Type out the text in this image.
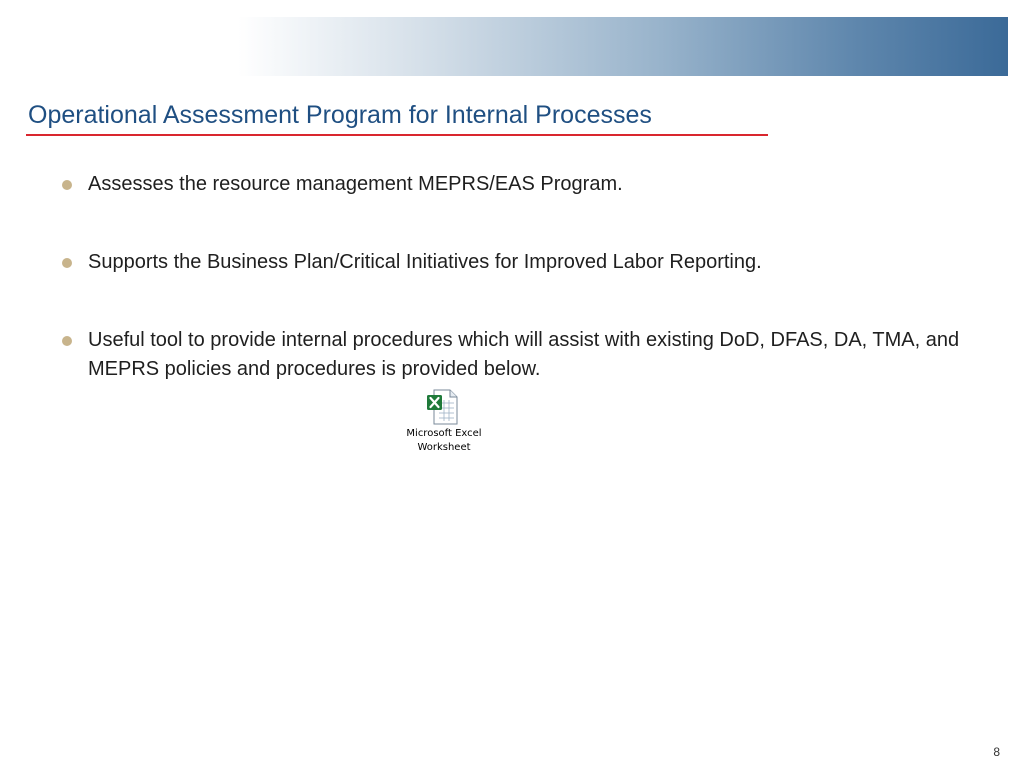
Operational Assessment Program for Internal Processes
Assesses the resource management MEPRS/EAS Program.
Supports the Business Plan/Critical Initiatives for Improved Labor Reporting.
Useful tool to provide internal procedures which will assist with existing DoD, DFAS, DA, TMA, and MEPRS policies and procedures is provided below.
Microsoft Excel
Worksheet
8
